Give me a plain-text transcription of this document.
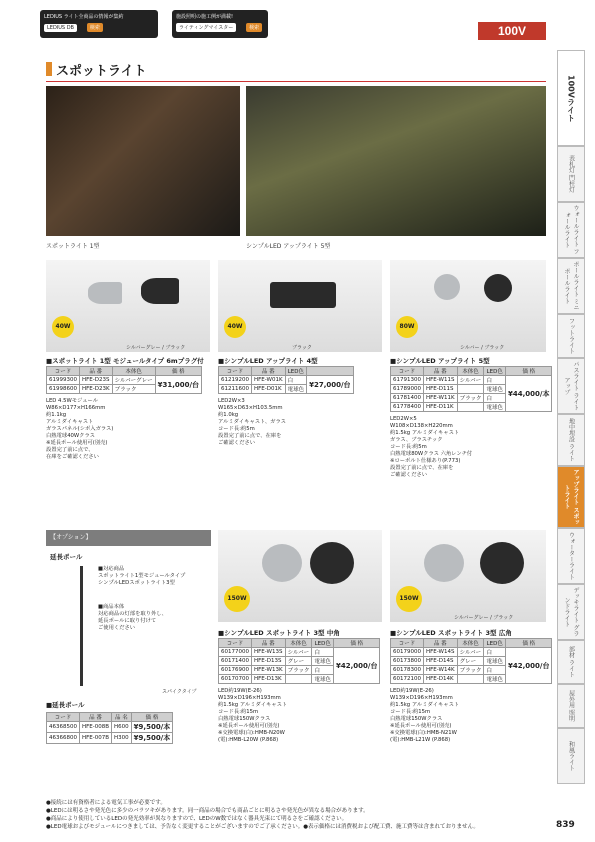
LEDIUS ライト全商品の情報が集約
LEDIUS DB	検索
施設照明の施工例が満載!
ライティングマイスター	検索	100V
スポットライト
スポットライト 1型	シンプルLED アップライト 5型
40W
シルバーグレー / ブラック
40W
ブラック
80W
シルバー / ブラック
■スポットライト 1型 モジュールタイプ 6mプラグ付
コード	品 番	本体色	価 格
61999300	HFE-D23S	シルバーグレー	¥31,000/台
61998600	HFE-D23K	ブラック	
LED 4.5Wモジュール
W86×D177×H166mm
約1.1kg
アルミダイキャスト
ガラスパネル(シボ入ガラス)
白熱電球40Wクラス
※延長ポール使用可(別売)
設置完了前に点で、
在庫をご確認ください
■シンプルLED アップライト 4型
コード	品 番	LED色	
61219200	HFE-W01K	白	¥27,000/台
61211600	HFE-D01K	電球色	
LED2W×3
W165×D63×H103.5mm
約1.0kg
アルミダイキャスト、ガラス
コード長:約5m
設置完了前に点で、在庫を
ご確認ください
■シンプルLED アップライト 5型
コード	品 番	本体色	LED色	価 格
61791300	HFE-W11S	シルバー	白	¥44,000/本
61789000	HFE-D11S		電球色	
61781400	HFE-W11K	ブラック	白	
61778400	HFE-D11K		電球色	
LED2W×5
W108×D138×H220mm
約1.5kg アルミダイキャスト
ガラス、ブラスチック
コード長:約5m
白熱電球80Wクラス 六角レンチ付
※ローボルト仕様あり(P.773)
設置完了前に点で、在庫を
ご確認ください
【オプション】
延長ポール
■対応商品
スポットライト1型モジュールタイプ
シンプルLEDスポットライト3型
■商品本体
対応商品の灯部を取り外し、
延長ポールに取り付けて
ご使用ください
スパイクタイプ
■延長ポール
コード	品 番	品 名	価 格
46368500	HFE-008B	H600	¥9,500/本
46366800	HFE-007B	H300	¥9,500/本
150W	150W
シルバーグレー / ブラック
■シンプルLED スポットライト 3型 中角
コード	品 番	本体色	LED色	価 格
60177000	HFE-W13S	シルバー	白	¥42,000/台
60171400	HFE-D13S	グレー	電球色	
60176900	HFE-W13K	ブラック	白	
60170700	HFE-D13K		電球色	
LED約19W(E-26)
W139×D196×H193mm
約1.5kg アルミダイキャスト
コード長:約15m
白熱電球150Wクラス
※延長ポール使用可(別売)
※交換電球(白):HMB-N20W
(電):HMB-L20W (P.868)
■シンプルLED スポットライト 3型 広角
コード	品 番	本体色	LED色	価 格
60179000	HFE-W14S	シルバー	白	¥42,000/台
60173800	HFE-D14S	グレー	電球色	
60178300	HFE-W14K	ブラック	白	
60172100	HFE-D14K		電球色	
LED約19W(E-26)
W139×D196×H193mm
約1.5kg アルミダイキャスト
コード長:約15m
白熱電球150Wクラス
※延長ポール使用可(別売)
※交換電球(白):HMB-N21W
(電):HMB-L21W (P.868)
●接続には有資格者による電気工事が必要です。
●LEDには明るさや発光色に多少のバラツキがあります。同一商品の場合でも商品ごとに明るさや発光色が異なる場合があります。
●商品により使用しているLEDの発光効率が異なりますので、LEDのW数ではなく器具光束にて明るさをご確認ください。
●LED電球およびモジュールにつきましては、予告なく変更することがございますのでご了承ください。●表示価格には消費税および配工費、施工費等は含まれておりません。	839
100Vライト
表札灯 門柱灯
ウォールライト フォールライト
ポールライト ミニポールライト
フットライト
パスライト ライトアップ
地中埋設 ライト
アップライト スポットライト
ウォーターライト
デッキライト グランドライト
部材 ライト
屋外用 照明
和風ライト
